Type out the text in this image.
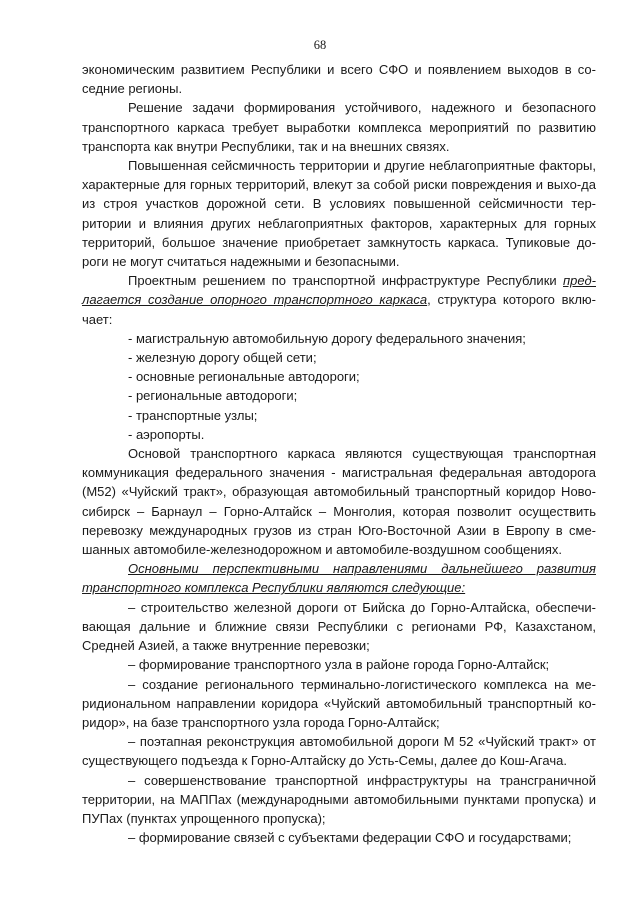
68

экономическим развитием Республики и всего СФО и появлением выходов в со-седние регионы.

Решение задачи формирования устойчивого, надежного и безопасного транспортного каркаса требует выработки комплекса мероприятий по развитию транспорта как внутри Республики, так и на внешних связях.

Повышенная сейсмичность территории и другие неблагоприятные факторы, характерные для горных территорий, влекут за собой риски повреждения и выхо-да из строя участков дорожной сети. В условиях повышенной сейсмичности тер-ритории и влияния других неблагоприятных факторов, характерных для горных территорий, большое значение приобретает замкнутость каркаса. Тупиковые до-роги не могут считаться надежными и безопасными.

Проектным решением по транспортной инфраструктуре Республики пред-лагается создание опорного транспортного каркаса, структура которого вклю-чает:

- магистральную автомобильную дорогу федерального значения;

- железную дорогу общей сети;

- основные региональные автодороги;

- региональные автодороги;

- транспортные узлы;

- аэропорты.

Основой транспортного каркаса являются существующая транспортная коммуникация федерального значения - магистральная федеральная автодорога (М52) «Чуйский тракт», образующая автомобильный транспортный коридор Ново-сибирск – Барнаул – Горно-Алтайск – Монголия, которая позволит осуществить перевозку международных грузов из стран Юго-Восточной Азии в Европу в сме-шанных автомобиле-железнодорожном и автомобиле-воздушном сообщениях.

Основными перспективными направлениями дальнейшего развития транспортного комплекса Республики являются следующие:

– строительство железной дороги от Бийска до Горно-Алтайска, обеспечи-вающая дальние и ближние связи Республики с регионами РФ, Казахстаном, Средней Азией, а также внутренние перевозки;

– формирование транспортного узла в районе города Горно-Алтайск;

– создание регионального терминально-логистического комплекса на ме-ридиональном направлении коридора «Чуйский автомобильный транспортный ко-ридор», на базе транспортного узла города Горно-Алтайск;

– поэтапная реконструкция автомобильной дороги М 52 «Чуйский тракт» от существующего подъезда к Горно-Алтайску до Усть-Семы, далее до Кош-Агача.

– совершенствование транспортной инфраструктуры на трансграничной территории, на МАППах (международными автомобильными пунктами пропуска) и ПУПах (пунктах упрощенного пропуска);

– формирование связей с субъектами федерации СФО и государствами;
